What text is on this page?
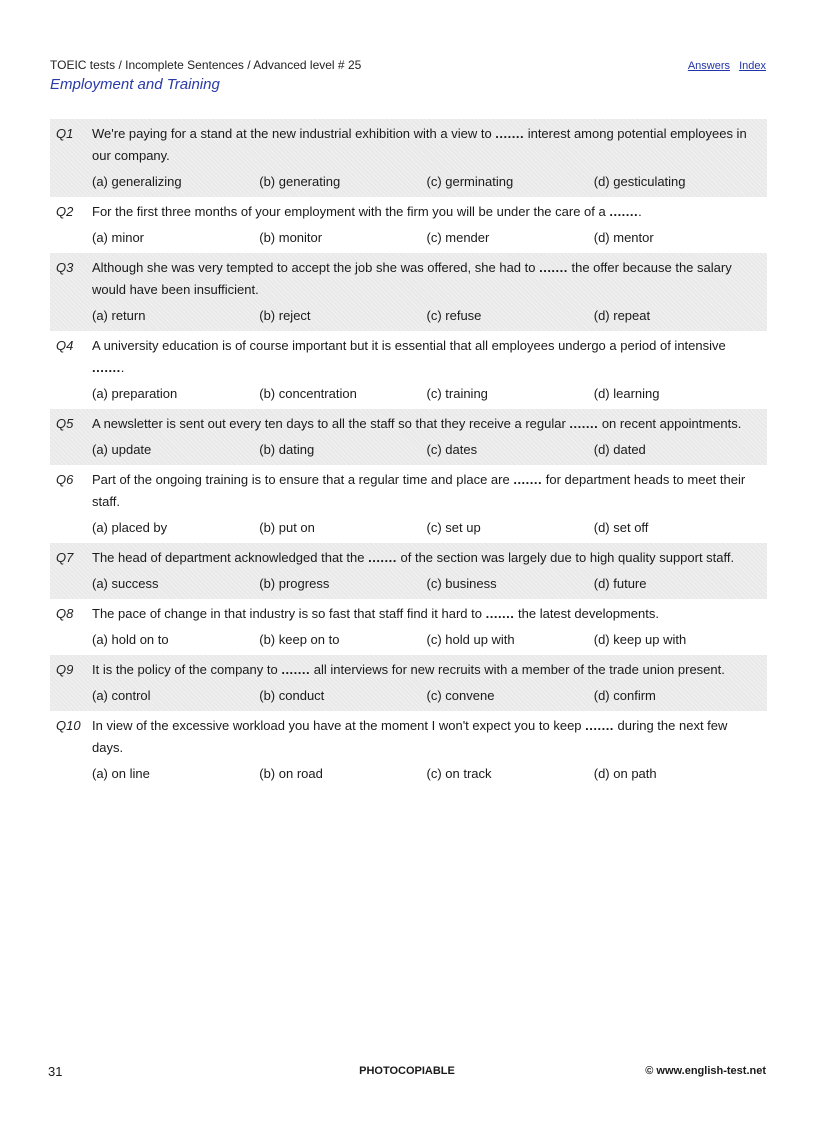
TOEIC tests / Incomplete Sentences / Advanced level # 25	Answers Index
Employment and Training
Q1 We're paying for a stand at the new industrial exhibition with a view to ....... interest among potential employees in our company.
(a) generalizing	(b) generating	(c) germinating	(d) gesticulating
Q2 For the first three months of your employment with the firm you will be under the care of a ........
(a) minor	(b) monitor	(c) mender	(d) mentor
Q3 Although she was very tempted to accept the job she was offered, she had to ....... the offer because the salary would have been insufficient.
(a) return	(b) reject	(c) refuse	(d) repeat
Q4 A university education is of course important but it is essential that all employees undergo a period of intensive ........
(a) preparation	(b) concentration	(c) training	(d) learning
Q5 A newsletter is sent out every ten days to all the staff so that they receive a regular ....... on recent appointments.
(a) update	(b) dating	(c) dates	(d) dated
Q6 Part of the ongoing training is to ensure that a regular time and place are ....... for department heads to meet their staff.
(a) placed by	(b) put on	(c) set up	(d) set off
Q7 The head of department acknowledged that the ....... of the section was largely due to high quality support staff.
(a) success	(b) progress	(c) business	(d) future
Q8 The pace of change in that industry is so fast that staff find it hard to ....... the latest developments.
(a) hold on to	(b) keep on to	(c) hold up with	(d) keep up with
Q9 It is the policy of the company to ....... all interviews for new recruits with a member of the trade union present.
(a) control	(b) conduct	(c) convene	(d) confirm
Q10 In view of the excessive workload you have at the moment I won't expect you to keep ....... during the next few days.
(a) on line	(b) on road	(c) on track	(d) on path
31	PHOTOCOPIABLE	© www.english-test.net
